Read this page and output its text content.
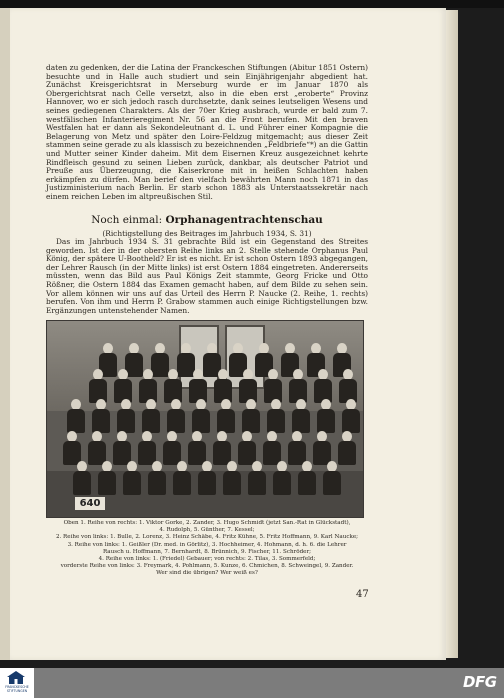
daten zu gedenken, der die Latina der Franckeschen Stiftungen (Abitur 1851 Ostern) besuchte und in Halle auch studiert und sein Einjährigenjahr abgedient hat. Zunächst Kreisgerichtsrat in Merseburg wurde er im Januar 1870 als Obergerichtsrat nach Celle versetzt, also in die eben erst „eroberte“ Provinz Hannover, wo er sich jedoch rasch durchsetzte, dank seines leutseligen Wesens und seines gediegenen Charakters. Als der 70er Krieg ausbrach, wurde er bald zum 7. westfälischen Infanterieregiment Nr. 56 an die Front berufen. Mit den braven Westfalen hat er dann als Sekondeleutnant d. L. und Führer einer Kompagnie die Belagerung von Metz und später den Loire-Feldzug mitgemacht; aus dieser Zeit stammen seine gerade zu als klassisch zu bezeichnenden „Feldbriefe“*) an die Gattin und Mutter seiner Kinder daheim. Mit dem Eisernen Kreuz ausgezeichnet kehrte Rindfleisch gesund zu seinen Lieben zurück, dankbar, als deutscher Patriot und Preuße aus Überzeugung, die Kaiserkrone mit in heißen Schlachten haben erkämpfen zu dürfen. Man berief den vielfach bewährten Mann noch 1871 in das Justizministerium nach Berlin. Er starb schon 1883 als Unterstaatssekretär nach einem reichen Leben im altpreußischen Stil.

Noch einmal: Orphanagentrachtenschau
(Richtigstellung des Beitrages im Jahrbuch 1934, S. 31)

Das im Jahrbuch 1934 S. 31 gebrachte Bild ist ein Gegenstand des Streites geworden. Ist der in der obersten Reihe links an 2. Stelle stehende Orphanus Paul König, der spätere U-Bootheld? Er ist es nicht. Er ist schon Ostern 1893 abgegangen, der Lehrer Rausch (in der Mitte links) ist erst Ostern 1884 eingetreten. Andererseits müssten, wenn das Bild aus Paul Königs Zeit stammte, Georg Fricke und Otto Rößner, die Ostern 1884 das Examen gemacht haben, auf dem Bilde zu sehen sein. Vor allem können wir uns auf das Urteil des Herrn P. Naucke (2. Reihe, 1. rechts) berufen. Von ihm und Herrn P. Grabow stammen auch einige Richtigstellungen bzw. Ergänzungen untenstehender Namen.

640
Oben 1. Reihe von rechts: 1. Viktor Gorke, 2. Zander, 3. Hugo Schmidt (jetzt San.-Rat in Glückstadt),
4. Rudolph, 5. Günther, 7. Kessel;
2. Reihe von links: 1. Bulle, 2. Lorenz, 3. Heinz Schäbe, 4. Fritz Kühne, 5. Fritz Hoffmann, 9. Karl Naucke;
3. Reihe von links: 1. Geißler (Dr. med. in Görlitz), 3. Hochheimer, 4. Hohmann, d. h. 6. die Lehrer
Rausch u. Hoffmann, 7. Bernhardt, 8. Brünnich, 9. Fischer, 11. Schröder;
4. Reihe von links: 1. (Friedel) Gebauer; von rechts: 2. Tilas, 3. Sommerfeld;
vorderste Reihe von links: 3. Freymark, 4. Pohlmann, 5. Kunze, 6. Chmichen, 8. Schweingel, 9. Zander.
Wer sind die übrigen? Wer weiß es?
47
FRANCKESCHE
STIFTUNGEN	DFG
